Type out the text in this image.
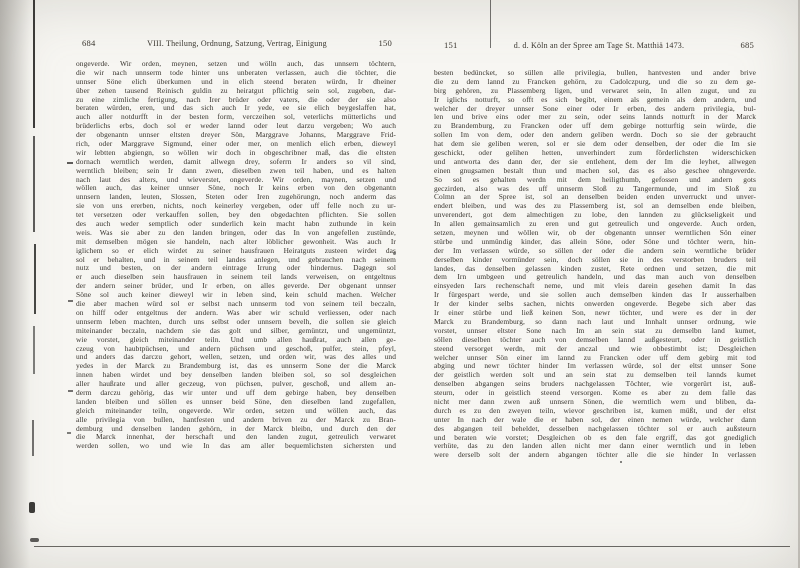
684	VIII. Theilung, Ordnung, Satzung, Vertrag, Einigung	150
ongeverde. Wir orden, meynen, setzen und wölln auch, das unnsern töchtern,
die wir nach unnserm tode hinter uns unberaten verlassen, auch die töchter, die
unnser Söne elich überkumen und in elich steend beraten würdn, Ir dheiner
über zehen tausend Reinisch guldin zu heiratgut pflichtig sein sol, zugeben, dar-
zu eine zimliche fertigung, nach Irer brüder oder vaters, die oder der sie also
beraten würden, eren, und das sich auch Ir yede, ee sie elich beygeslaffen hat,
auch aller notdurfft in der besten form, verczeihen sol, veterlichs mütterlichs und
brüderlichs erbs, doch sol er weder lannd oder leut darzu vergeben; Wo auch
der obgenantn unnser eltsten dreyer Sön, Marggrave Johanns, Marggrave Frid-
rich, oder Marggrave Sigmund, einer oder mer, on menlich elich erben, dieweyl
wir lebtten abgiengn, so wöllen wir doch in obgeschribner maß, das die eltsten
dornach werntlich werden, damit allwegn drey, soferrn Ir anders so vil sind,
werntlich bleiben; sein Ir dann zwen, dieselben zwen teil haben, und es halten
nach laut des alters, und wieverstet, ongeverde. Wir orden, maynen, setzen und
wöllen auch, das keiner unnser Söne, noch Ir keins erben von den obgenantn
unnsern landen, leuten, Slossen, Steten oder Iren zugehörungn, noch anderm das
sie von uns ererben, nichts, noch keinerley vergeben, oder uff felle noch zu ur-
tet versetzen oder verkauffen sollen, bey den obgedachten pflichten. Sie sollen
des auch weder semptlich oder sunderlich kein macht habn zuthunde in kein
weis. Was sie aber zu den landen bringen, oder das In von angefellen zustünde,
mit demselben mögen sie handeln, nach alter löblicher gewonheit. Was auch Ir
iglichem so er elich wirdet zu seiner hausfrauen Heiratguts zusteen wirdet das
sol er behalten, und in seinem teil landes anlegen, und gebrauchen nach seinem
nutz und besten, on der andern eintrage Irrung oder hindernus. Dagegn sol
er auch dieselben sein hausfrauen in seinem teil lands verweisen, on entgeltnus
der andern seiner brüder, und Ir erben, on alles geverde. Der obgenant unnser
Söne sol auch keiner dieweyl wir in leben sind, kein schuld machen. Welcher
die aber machen würd sol er selbst nach unnserm tod von seinem teil beczaln,
on hilff oder entgeltnus der andern. Was aber wir schuld verliessen, oder nach
unnserm leben machten, durch uns selbst oder unnsern bevelh, die sollen sie gleich
miteinander beczaln, nachdem sie das golt und silber, gemüntzt, und ungemüntzt,
wie vorstet, gleich miteinander teiln. Und umb allen haußrat, auch allen ge-
czeug von haubtpüchsen, und andern püchsen und geschoß, pulfer, stein, pfeyl,
und anders das darczu gehort, wellen, setzen, und orden wir, was des alles und
yedes in der Marck zu Brandemburg ist, das es unnserm Sone der die Marck
innen haben wirdet und bey denselben landen bleiben sol, so sol desgleichen
aller haußrate und aller geczeug, von püchsen, pulver, geschoß, und allem an-
derm darczu gehörig, das wir unter und uff dem gebirge haben, bey denselben
landen bleiben und söllen es unnser beid Söne, den dieselben land zugefallen,
gleich miteinander teiln, ongeverde. Wir orden, setzen und wöllen auch, das
alle privilegia von bullen, hantfesten und andern briven zu der Marck zu Bran-
demburg und denselben landen gehörn, in der Marck bleibn, und durch den der
die Marck innenhat, der herschaft und den landen zugut, getreulich verwaret
werden sollen, wo und wie In das am aller bequemlichsten sichersten und
151	d. d. Köln an der Spree am Tage St. Matthiä 1473.	685
besten bedüncket, so süllen alle privilegia, bullen, hantvesten und ander brive
die zu dem lannd zu Francken gehörn, zu Cadolczpurg, und die so zu dem ge-
birg gehören, zu Plassemberg ligen, und verwaret sein, In allen zugut, und zu
Ir iglichs notturft, so offt es sich begibt, einem als gemein als dem andern, und
welcher der dreyer unnser Sone einer oder Ir erben, des andern privilegia, bul-
len und brive eins oder mer zu sein, oder seins lannds notturft in der Marck
zu Brandemburg, zu Francken oder uff dem gebirge notturftig sein würde, die
sollen Im von dem, oder den andern geliben werdn. Doch so sie der gebraucht
hat dem sie geliben weren, sol er sie dem oder denselben, der oder die Im sie
geschickt, oder gelihen hetten, unverhindert zum förderlichsten widerschicken
und antworta des dann der, der sie entlehent, dem der Im die leyhet, allwegen
einen gnugsamen bestalt thun und machen sol, das es also geschee ohngeverde.
So sol es gehalten werdn mit dem heiligthumb, gefossen und andern gots
geczirden, also was des uff unnserm Sloß zu Tangermunde, und im Sloß zu
Colmn an der Spree ist, sol an denselben beiden enden unverruckt und unver-
endert bleiben, und was des zu Plassemberg ist, sol an demselben ende bleiben,
unverendert, got dem almechtigen zu lobe, den lannden zu glückseligkeit und
In allen gemainsamlich zu eren und gut getreulich und ongeverde. Auch orden,
setzen, meynen und wöllen wir, ob der obgenantn unnser werntlichen Sön einer
stürbe und unmündig kinder, das allein Söne, oder Söne und töchter wern, hin-
der Im verlassen würde, so söllen der oder die andern sein werntliche brüder
derselben kinder vormünder sein, doch söllen sie in des verstorben bruders teil
landes, das denselben gelassen kinden zustet, Rete ordnen und setzen, die mit
dem Irn umbgeen und getreulich handeln, und das man auch von denselben
einsyeden Iars rechenschaft neme, und mit vleis darein gesehen damit In das
Ir fürgespart werde, und sie sollen auch demselben kinden das Ir ausserhalben
Ir der kinder selbs sachen, nichts onwerden ongeverde. Begebe sich aber das
Ir einer stürbe und ließ keinen Son, newr töchter, und were es der in der
Marck zu Brandemburg, so dann nach laut und Innhalt unnser ordnung, wie
vorstet, unnser eltster Sone nach Im an sein stat zu demselbn land kumet,
söllen dieselben töchter auch von demselben lannd außgesteurt, oder in geistlich
steend versorget werdn, mit der anczal und wie obbestimbt ist; Desgleichen
welcher unnser Sön einer im lannd zu Francken oder uff dem gebirg mit tod
abging und newr töchter hinder Im verlassen würde, sol der eltst unnser Sone
der geistlich werden solt und an sein stat zu demselben teil lannds kumet
denselben abgangen seins bruders nachgelassen Töchter, wie vorgerürt ist, auß-
steurn, oder in geistlich steend versorgen. Kome es aber zu dem falle das
nicht mer dann zwen auß unnsern Sönen, die werntlich wern und bliben, da-
durch es zu den zweyen teiln, wievor geschriben ist, kumen müßt, und der eltst
unter In nach der wale die er haben sol, der einen nemen würde, welcher dann
des abgangen teil beheldet, desselben nachgelassen töchter sol er auch außsteurn
und beraten wie vorstet; Desgleichen ob es den fale ergriff, das got gnediglich
verhüte, das zu den landen allen nicht mer dann einer werntlich und in leben
were derselb solt der andern abgangen töchter alle die sie hinder In verlassen
